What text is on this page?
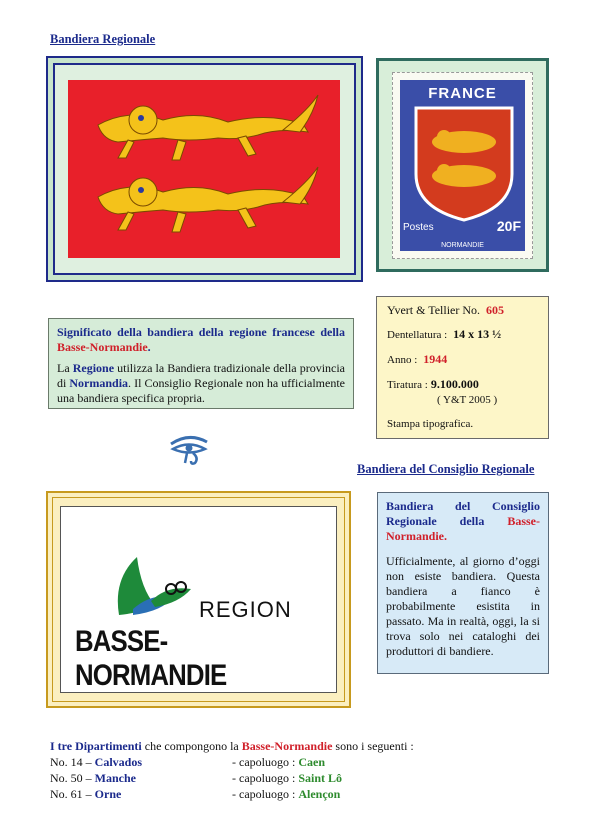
Bandiera Regionale
FRANCE
Postes	20F
NORMANDIE

Significato della bandiera della regione francese della Basse-Normandie.

La Regione utilizza la Bandiera tradizionale della provincia di Normandia. Il Consiglio Regionale non ha ufficialmente una bandiera specifica propria.

Yvert & Tellier No. 605
Dentellatura : 14 x 13 ½
Anno : 1944
Tiratura : 9.100.000
( Y&T 2005 )
Stampa tipografica.
Bandiera del Consiglio Regionale
REGION
BASSE-NORMANDIE

Bandiera del Consiglio Regionale della Basse-Normandie.

Ufficialmente, al giorno d’oggi non esiste bandiera. Questa bandiera a fianco è probabilmente esistita in passato. Ma in realtà, oggi, la si trova solo nei cataloghi dei produttori di bandiere.

I tre Dipartimenti che compongono la Basse-Normandie sono i seguenti :
No. 14 – Calvados	- capoluogo : Caen
No. 50 – Manche	- capoluogo : Saint Lô
No. 61 – Orne	- capoluogo : Alençon
